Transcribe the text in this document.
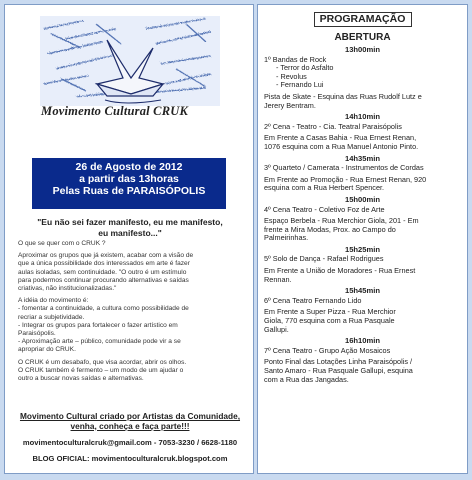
Movimento Cultural CRUK
26 de Agosto de 2012
a partir das 13horas
Pelas Ruas de PARAISÓPOLIS
"Eu não sei fazer manifesto, eu me manifesto,
eu manifesto..."

O que se quer com o CRUK ?

Aproximar os grupos que já existem, acabar com a visão de
que a única possibilidade dos interessados em arte é fazer
aulas isoladas, sem continuidade. "O outro é um estímulo
para podermos continuar procurando alternativas e saídas
criativas, não institucionalizadas."

A idéia do movimento é:
- fomentar a continuidade, a cultura como possibilidade de
recriar a subjetividade.
- Integrar os grupos para fortalecer o fazer artístico em
Paraisópolis.
- Aproximação arte – público, comunidade pode vir a se
apropriar do CRUK.

O CRUK é um desabafo, que visa acordar, abrir os olhos.
O CRUK também é fermento – um modo de um ajudar o
outro a buscar novas saídas e alternativas.

Movimento Cultural criado por Artistas da Comunidade,
venha, conheça e faça parte!!!
movimentoculturalcruk@gmail.com - 7053-3230 / 6628-1180
BLOG OFICIAL: movimentoculturalcruk.blogspot.com
PROGRAMAÇÃO
ABERTURA
13h00min
1º Bandas de Rock
- Terror do Asfalto
- Revolus
- Fernando Lui
Pista de Skate - Esquina das Ruas Rudolf Lutz e
Jerery Bentram.
14h10min
2º Cena - Teatro - Cia. Teatral Paraisópolis
Em Frente a Casas Bahia - Rua Ernest Renan,
1076 esquina com a Rua Manuel Antonio Pinto.
14h35min
3º Quarteto / Camerata - Instrumentos de Cordas
Em Frente ao Promoção - Rua Ernest Renan, 920
esquina com a Rua Herbert Spencer.
15h00min
4º Cena Teatro - Coletivo Foz de Arte
Espaço Berbela - Rua Merchior Giola, 201 - Em
frente a Mira Modas, Prox. ao Campo do
Palmeirinhas.
15h25min
5º Solo de Dança - Rafael Rodrigues
Em Frente a União de Moradores - Rua Ernest
Rennan.
15h45min
6º Cena Teatro Fernando Lido
Em Frente a Super Pizza - Rua Merchior
Giola, 770 esquina com a Rua Pasquale
Gallupi.
16h10min
7º Cena Teatro - Grupo Ação Mosaicos
Ponto Final das Lotações Linha Paraisópolis /
Santo Amaro - Rua Pasquale Gallupi, esquina
com a Rua das Jangadas.
